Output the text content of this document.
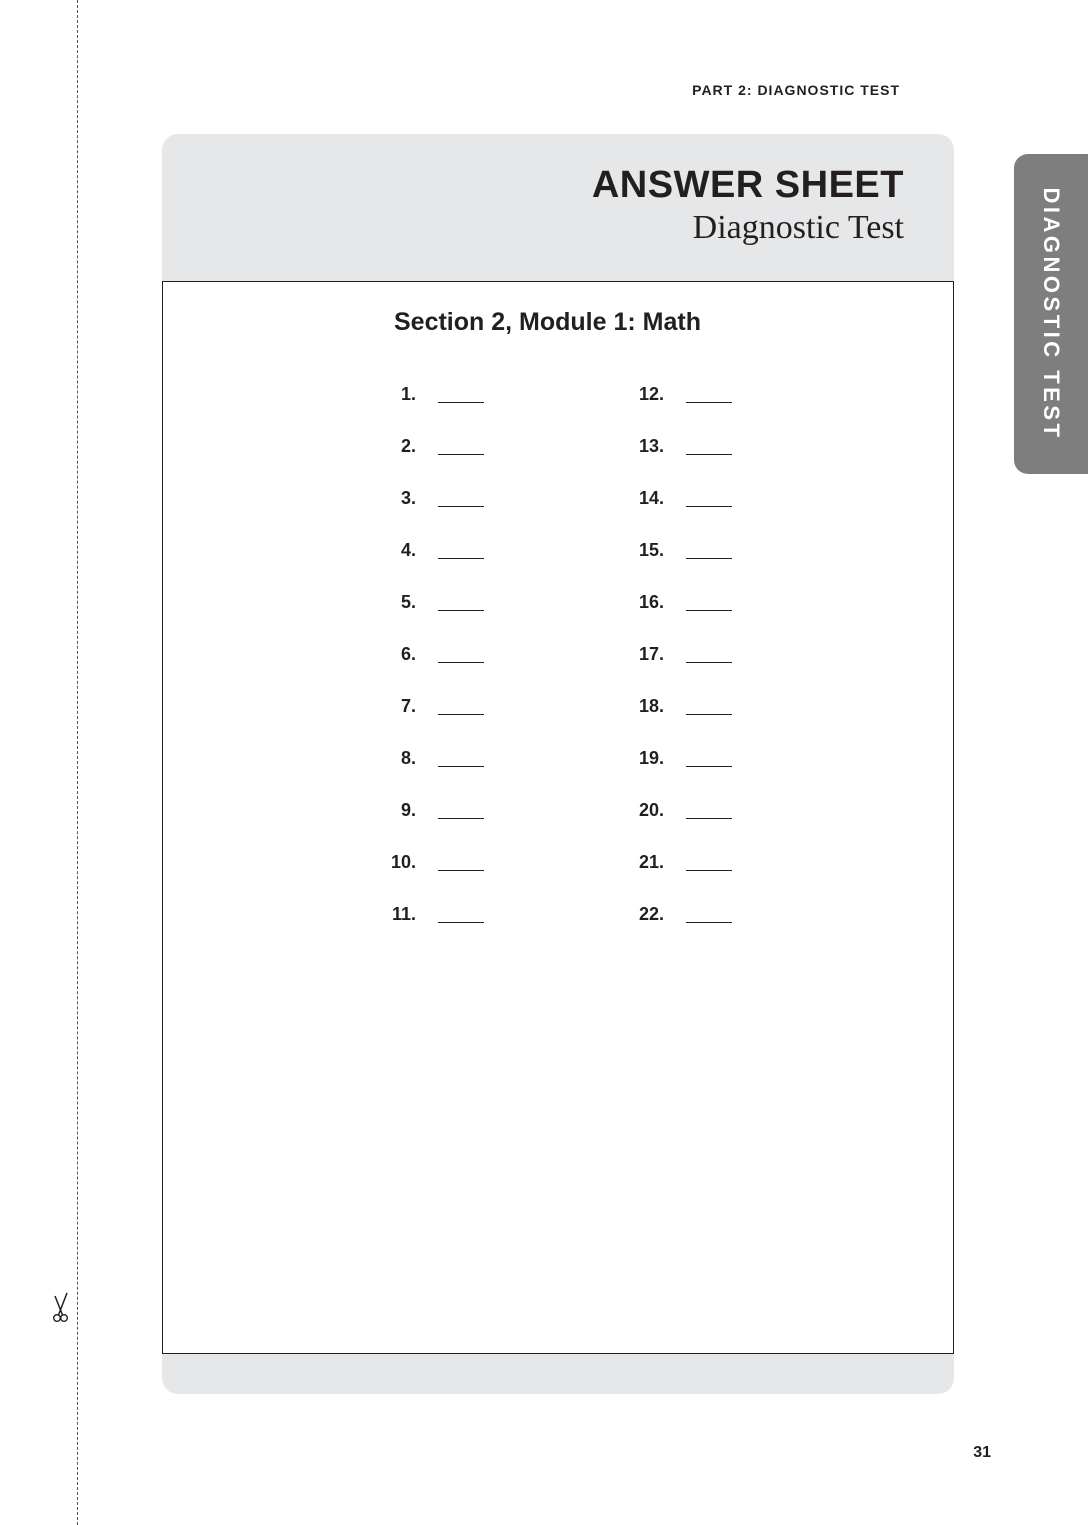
PART 2: DIAGNOSTIC TEST
DIAGNOSTIC TEST
ANSWER SHEET
Diagnostic Test
Section 2, Module 1: Math
1.
2.
3.
4.
5.
6.
7.
8.
9.
10.
11.
12.
13.
14.
15.
16.
17.
18.
19.
20.
21.
22.
31
